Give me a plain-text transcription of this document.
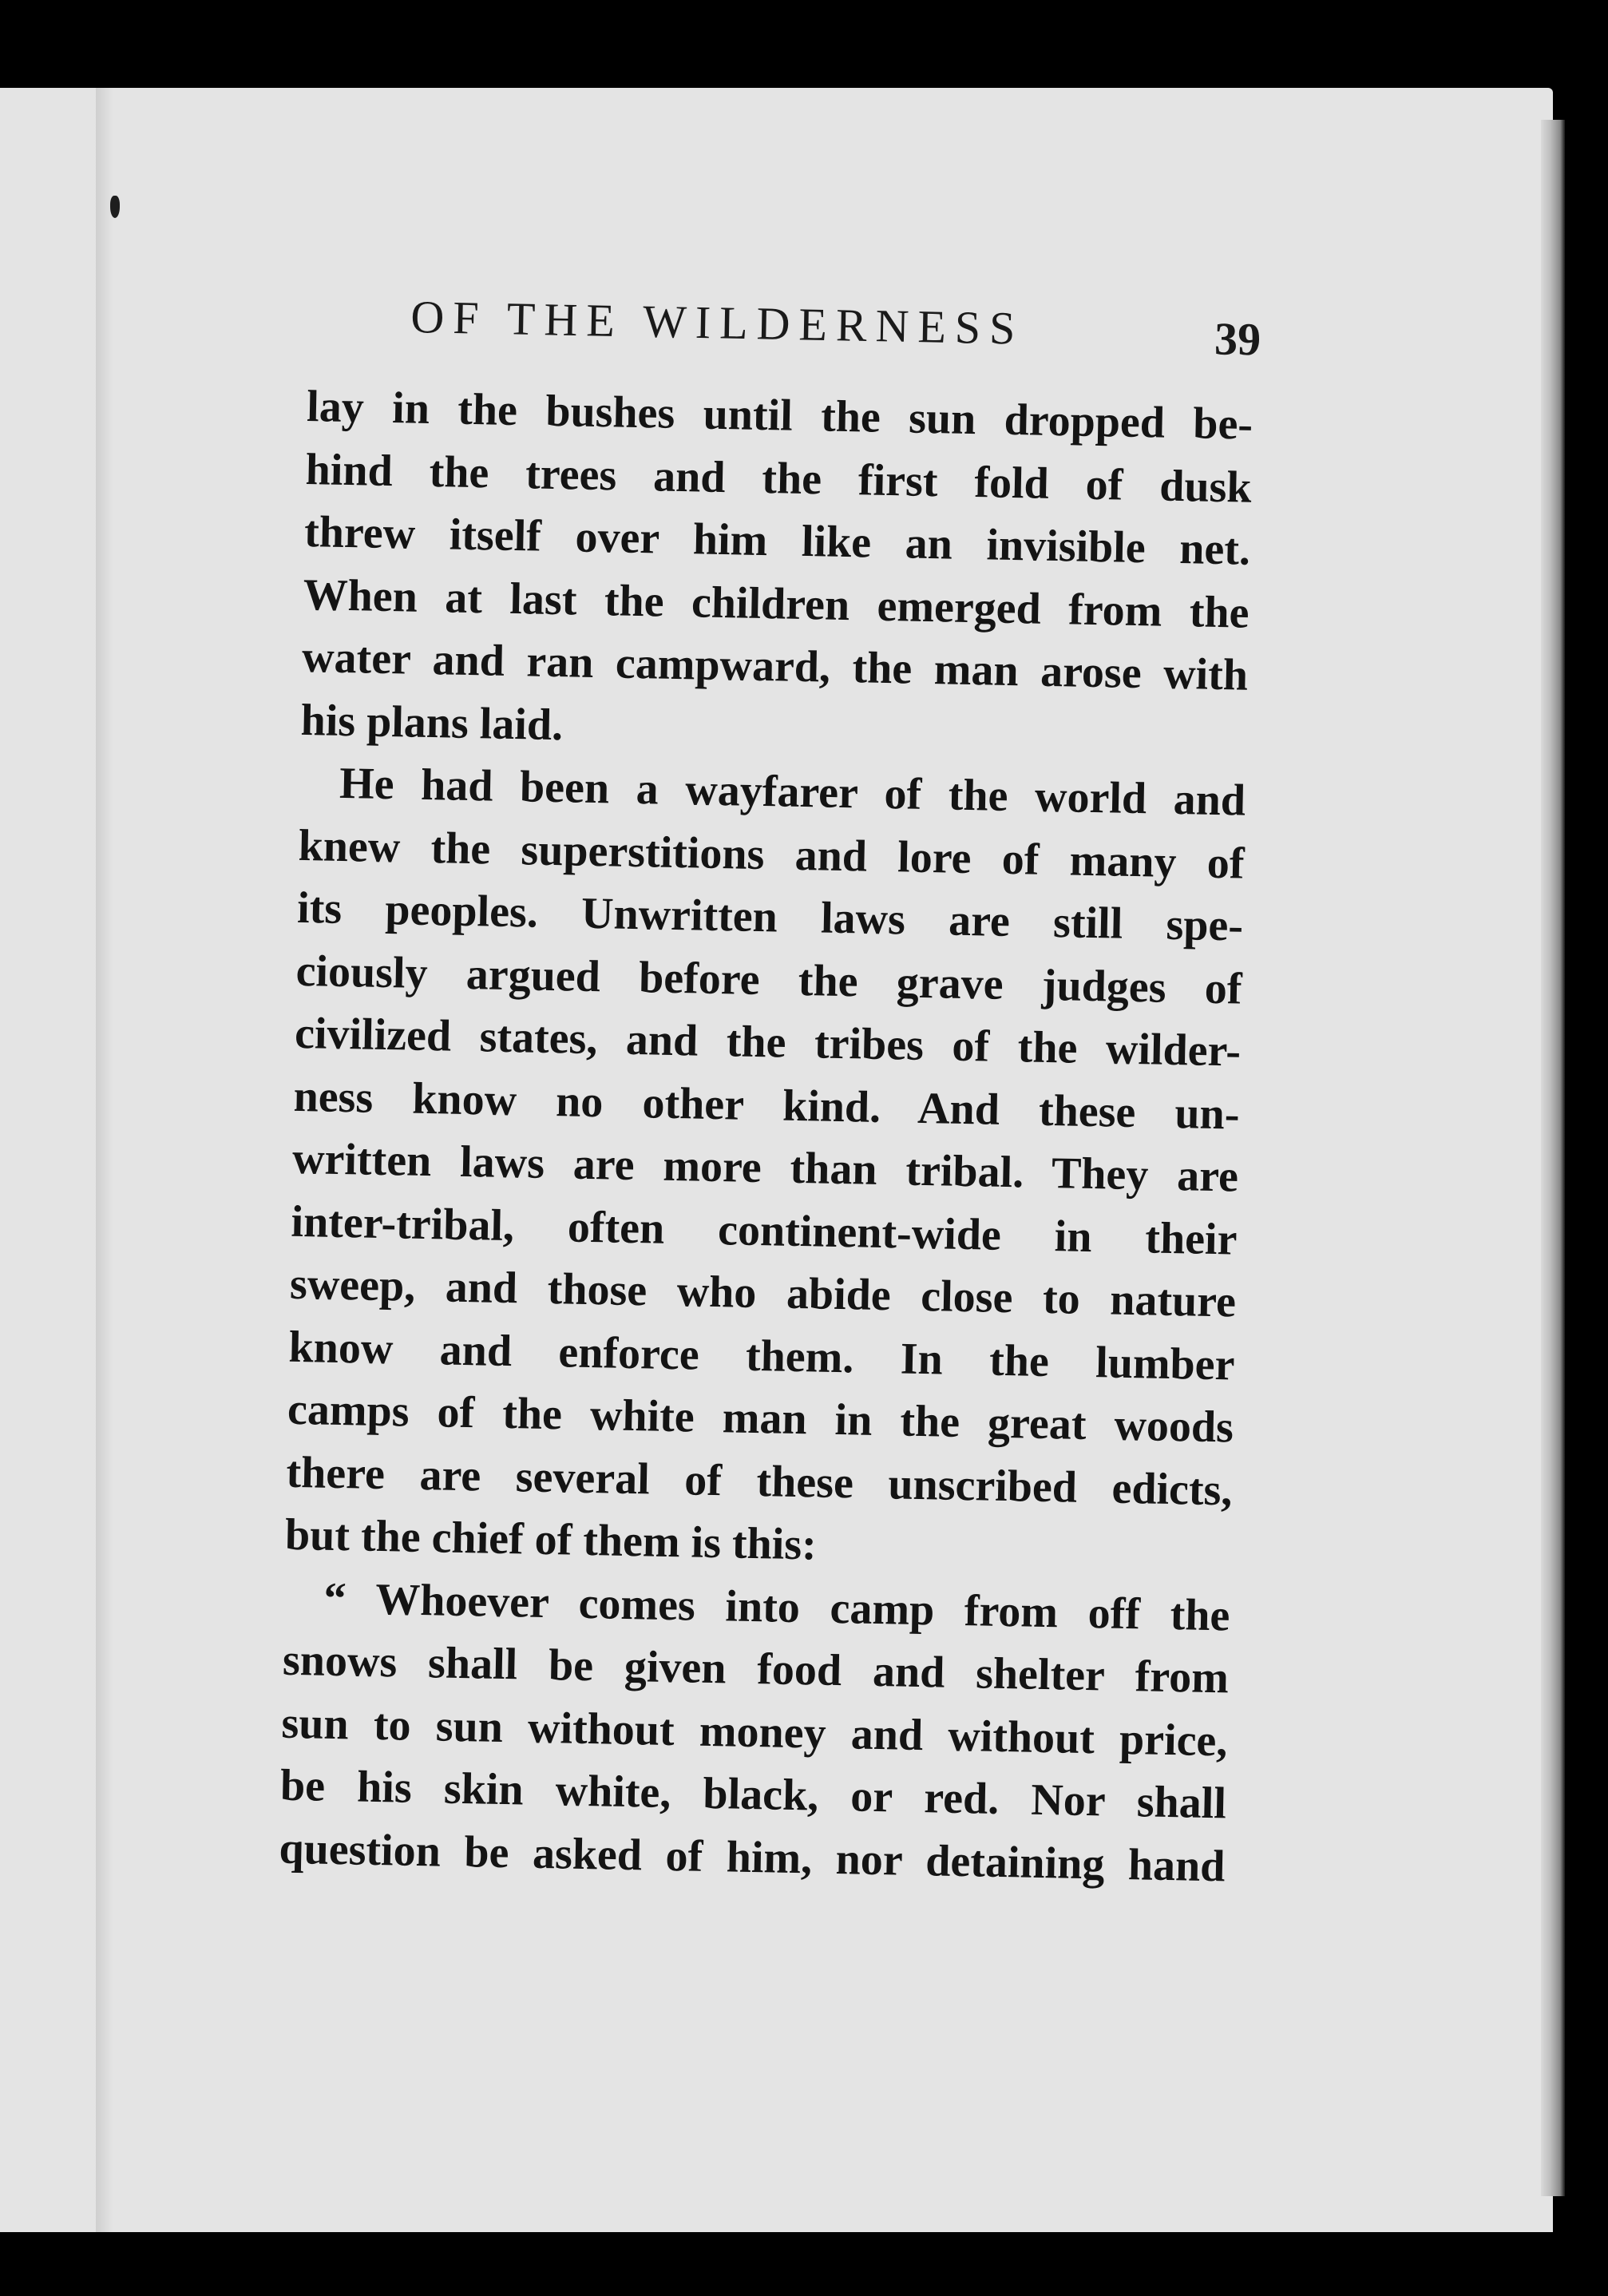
OF THE WILDERNESS	39
lay in the bushes until the sun dropped be-
hind the trees and the first fold of dusk
threw itself over him like an invisible net.
When at last the children emerged from the
water and ran campward, the man arose with
his plans laid.
He had been a wayfarer of the world and
knew the superstitions and lore of many of
its peoples. Unwritten laws are still spe-
ciously argued before the grave judges of
civilized states, and the tribes of the wilder-
ness know no other kind. And these un-
written laws are more than tribal. They are
inter-tribal, often continent-wide in their
sweep, and those who abide close to nature
know and enforce them. In the lumber
camps of the white man in the great woods
there are several of these unscribed edicts,
but the chief of them is this:
“ Whoever comes into camp from off the
snows shall be given food and shelter from
sun to sun without money and without price,
be his skin white, black, or red. Nor shall
question be asked of him, nor detaining hand
